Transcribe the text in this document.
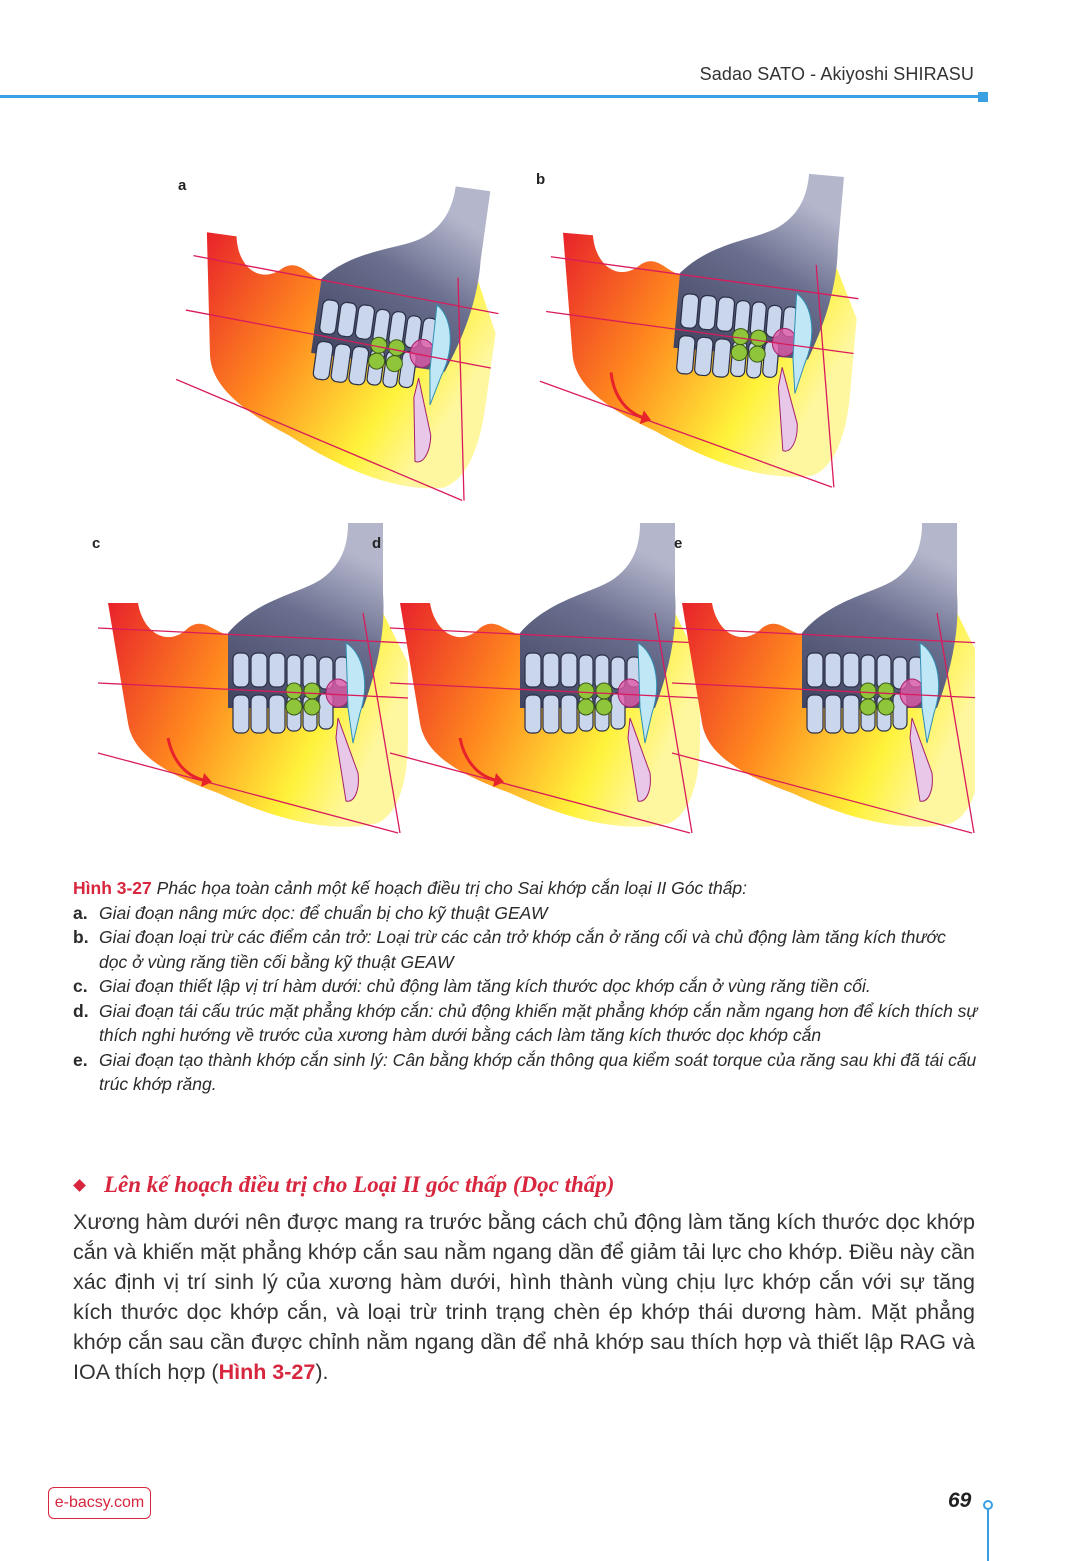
Sadao SATO - Akiyoshi SHIRASU
a	b
c	d	e

Hình 3-27 Phác họa toàn cảnh một kế hoạch điều trị cho Sai khớp cắn loại II Góc thấp:

a. Giai đoạn nâng mức dọc: để chuẩn bị cho kỹ thuật GEAW
b. Giai đoạn loại trừ các điểm cản trở: Loại trừ các cản trở khớp cắn ở răng cối và chủ động làm tăng kích thước dọc ở vùng răng tiền cối bằng kỹ thuật GEAW
c. Giai đoạn thiết lập vị trí hàm dưới: chủ động làm tăng kích thước dọc khớp cắn ở vùng răng tiền cối.
d. Giai đoạn tái cấu trúc mặt phẳng khớp cắn: chủ động khiến mặt phẳng khớp cắn nằm ngang hơn để kích thích sự thích nghi hướng về trước của xương hàm dưới bằng cách làm tăng kích thước dọc khớp cắn
e. Giai đoạn tạo thành khớp cắn sinh lý: Cân bằng khớp cắn thông qua kiểm soát torque của răng sau khi đã tái cấu trúc khớp răng.
Lên kế hoạch điều trị cho Loại II góc thấp (Dọc thấp)

Xương hàm dưới nên được mang ra trước bằng cách chủ động làm tăng kích thước dọc khớp cắn và khiến mặt phẳng khớp cắn sau nằm ngang dần để giảm tải lực cho khớp. Điều này cần xác định vị trí sinh lý của xương hàm dưới, hình thành vùng chịu lực khớp cắn với sự tăng kích thước dọc khớp cắn, và loại trừ trinh trạng chèn ép khớp thái dương hàm. Mặt phẳng khớp cắn sau cần được chỉnh nằm ngang dần để nhả khớp sau thích hợp và thiết lập RAG và IOA thích hợp (Hình 3-27).

e-bacsy.com	69
